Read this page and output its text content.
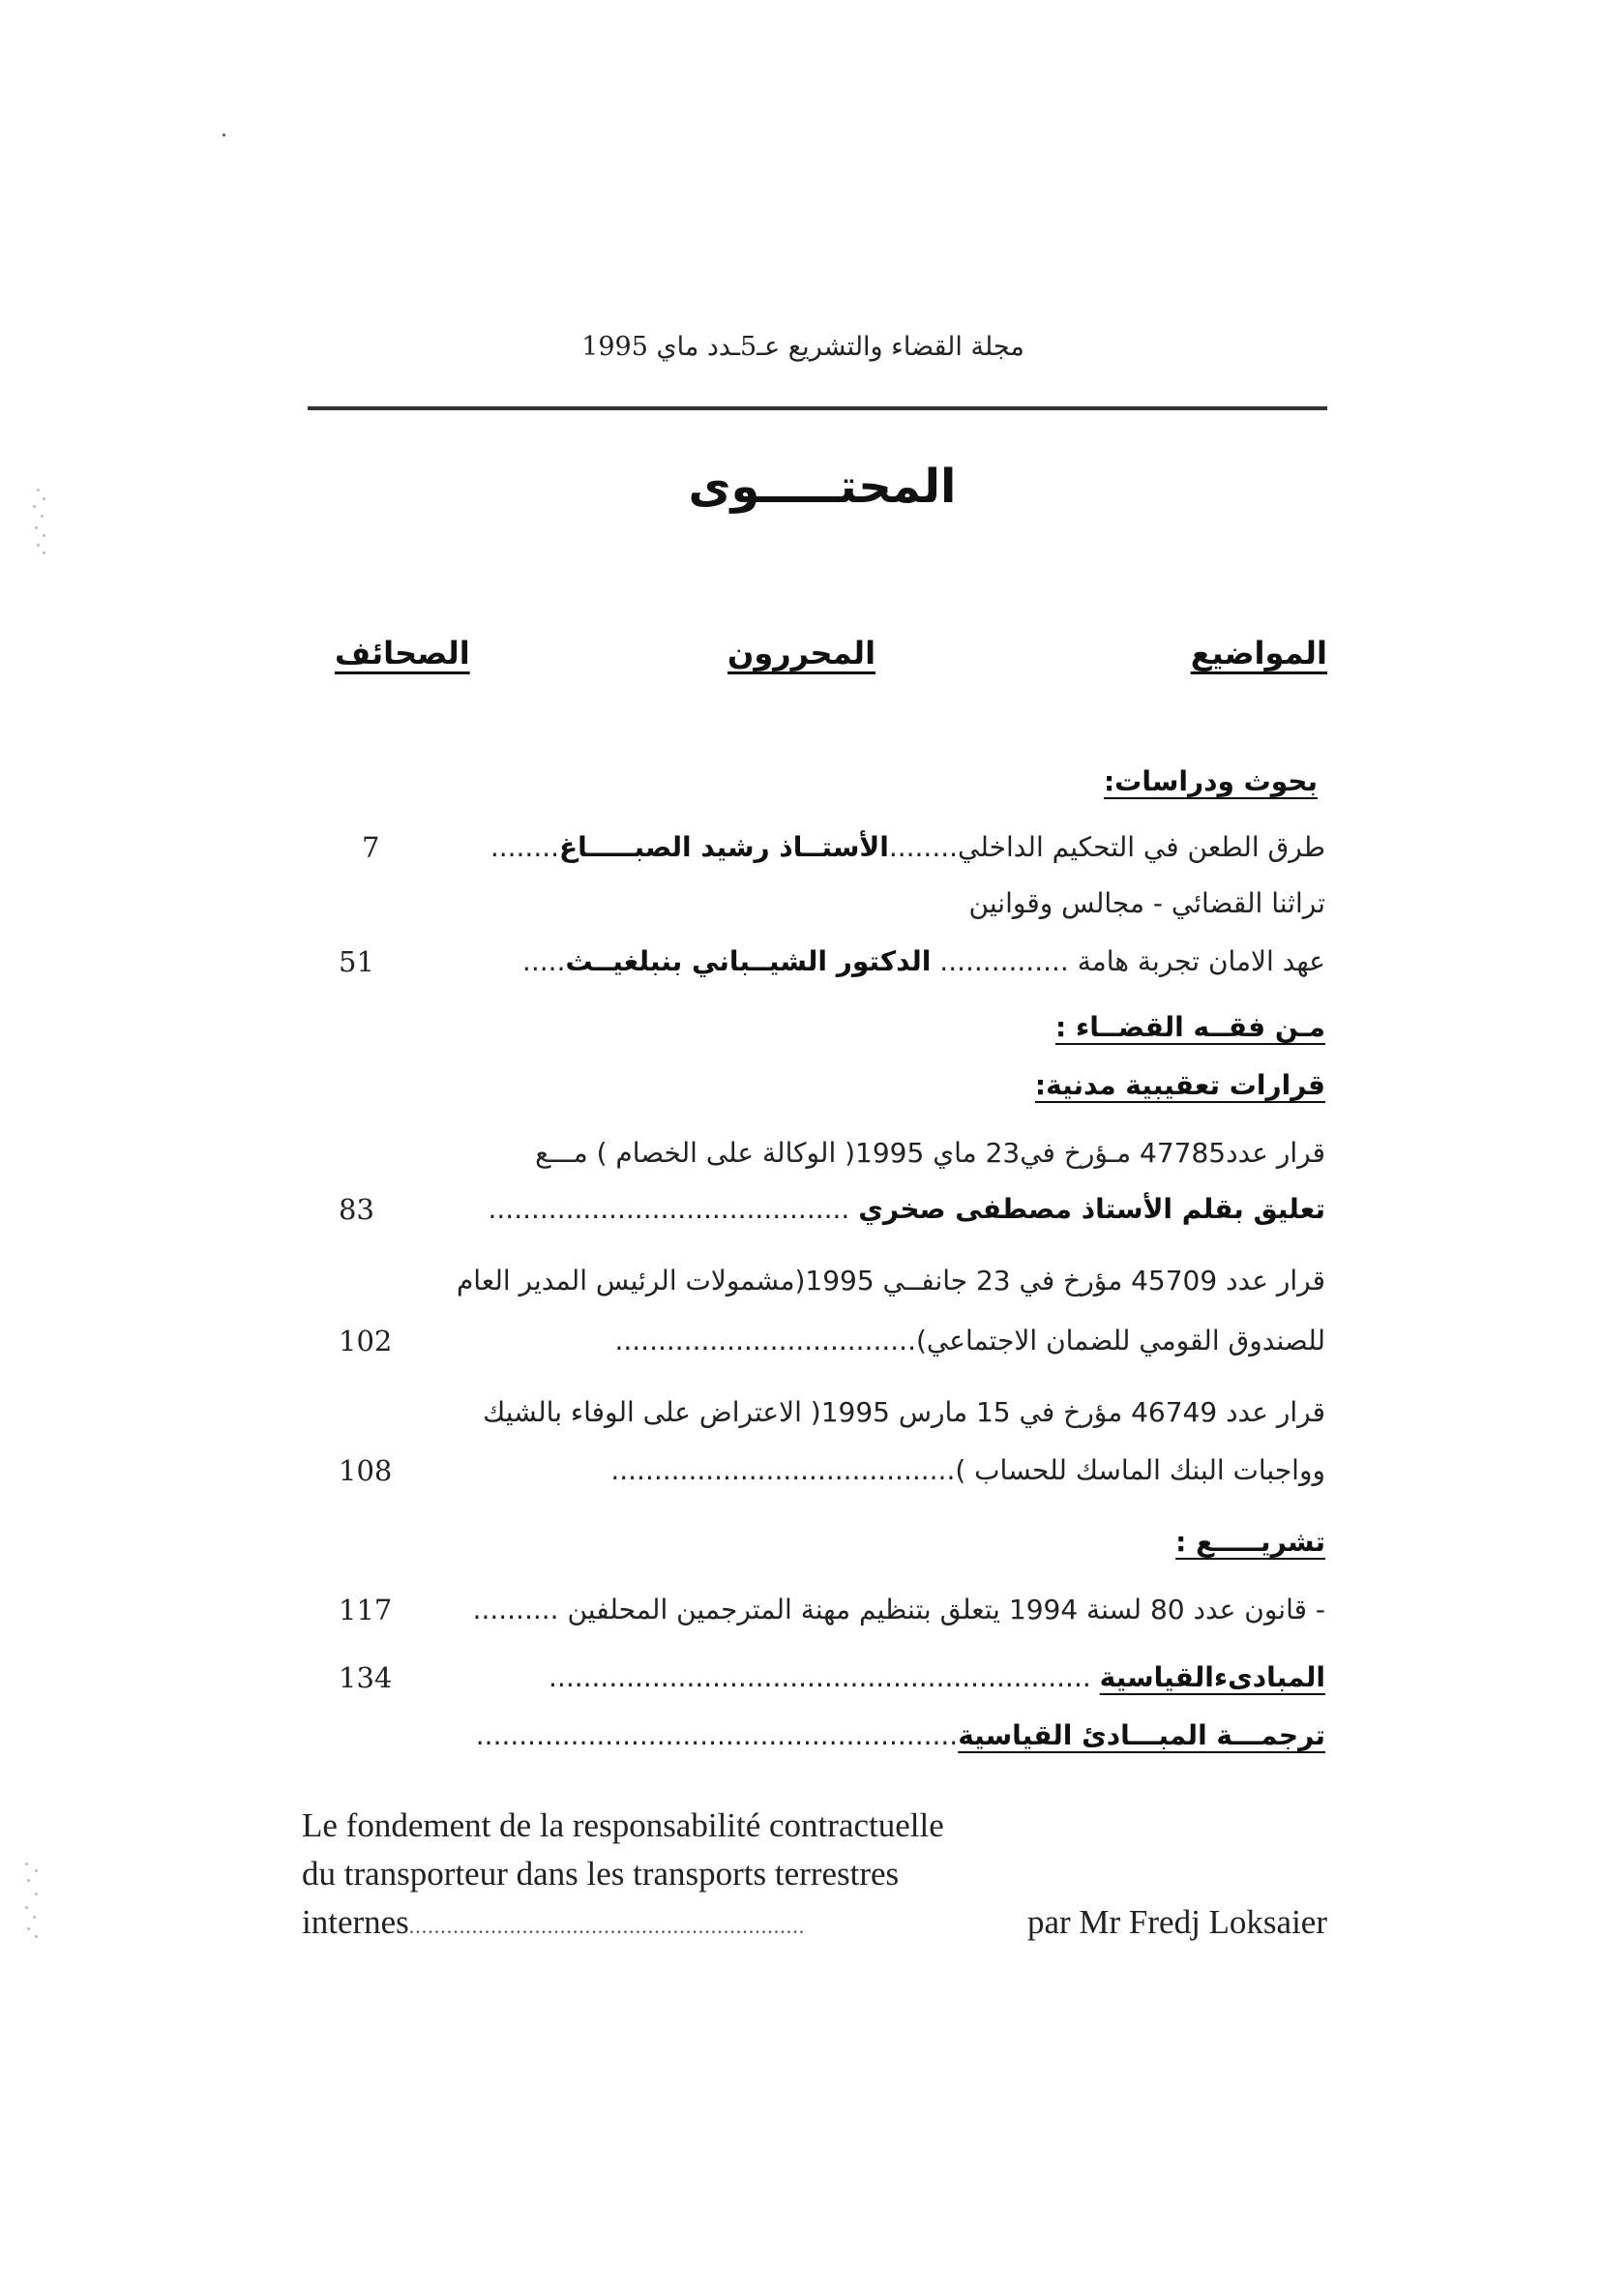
مجلة القضاء والتشريع عـ5ـدد ماي 1995
المحتـــــوى
المواضيع
المحررون
الصحائف
بحوث ودراسات:
طرق الطعن في التحكيم الداخلي........الأستــاذ رشيد الصبـــــاغ........
7
تراثنا القضائي - مجالس وقوانين
عهد الامان تجربة هامة ............... الدكتور الشيــباني بنبلغيــث.....
51
مـن فقــه القضــاء :
قرارات تعقيبية مدنية:
قرار عدد47785 مـؤرخ في23 ماي 1995( الوكالة على الخصام ) مـــع
تعليق بقلم الأستاذ مصطفى صخري ..........................................
83
قرار عدد 45709 مؤرخ في 23 جانفــي 1995(مشمولات الرئيس المدير العام
للصندوق القومي للضمان الاجتماعي)...................................
102
قرار عدد 46749 مؤرخ في 15 مارس 1995( الاعتراض على الوفاء بالشيك
وواجبات البنك الماسك للحساب )........................................
108
تشريـــــع :
- قانون عدد 80 لسنة 1994 يتعلق بتنظيم مهنة المترجمين المحلفين ..........
117
المبادىءالقياسية ...............................................................
134
ترجمـــة المبـــادئ القياسية........................................................
Le fondement de la responsabilité contractuelle
du transporteur dans les transports terrestres
internes...............................................................	par Mr Fredj Loksaier
